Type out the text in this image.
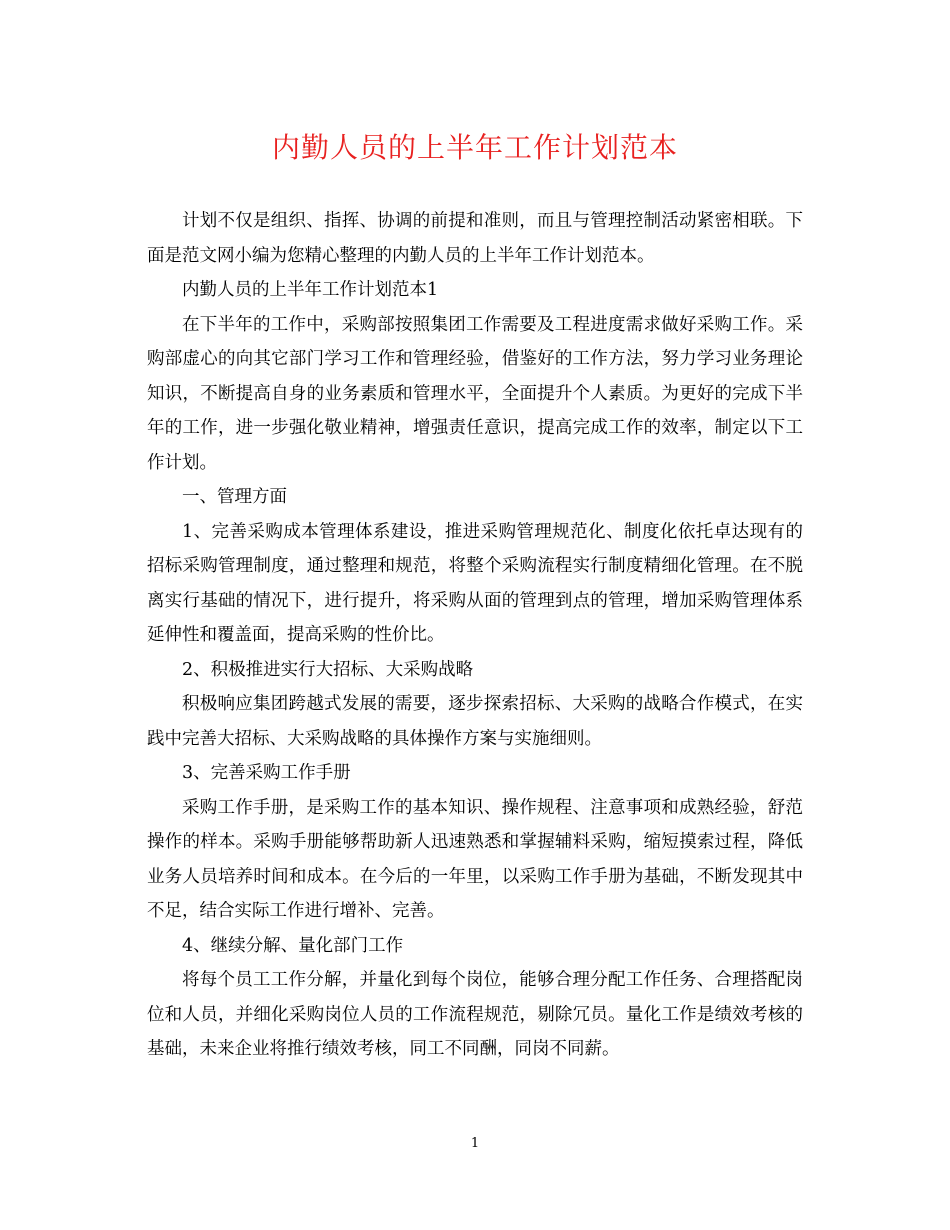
内勤人员的上半年工作计划范本

计划不仅是组织、指挥、协调的前提和准则，而且与管理控制活动紧密相联。下面是范文网小编为您精心整理的内勤人员的上半年工作计划范本。

内勤人员的上半年工作计划范本1

在下半年的工作中，采购部按照集团工作需要及工程进度需求做好采购工作。采购部虚心的向其它部门学习工作和管理经验，借鉴好的工作方法，努力学习业务理论知识，不断提高自身的业务素质和管理水平，全面提升个人素质。为更好的完成下半年的工作，进一步强化敬业精神，增强责任意识，提高完成工作的效率，制定以下工作计划。

一、管理方面

1、完善采购成本管理体系建设，推进采购管理规范化、制度化依托卓达现有的招标采购管理制度，通过整理和规范，将整个采购流程实行制度精细化管理。在不脱离实行基础的情况下，进行提升，将采购从面的管理到点的管理，增加采购管理体系延伸性和覆盖面，提高采购的性价比。

2、积极推进实行大招标、大采购战略

积极响应集团跨越式发展的需要，逐步探索招标、大采购的战略合作模式，在实践中完善大招标、大采购战略的具体操作方案与实施细则。

3、完善采购工作手册

采购工作手册，是采购工作的基本知识、操作规程、注意事项和成熟经验，舒范操作的样本。采购手册能够帮助新人迅速熟悉和掌握辅料采购，缩短摸索过程，降低业务人员培养时间和成本。在今后的一年里，以采购工作手册为基础，不断发现其中不足，结合实际工作进行增补、完善。

4、继续分解、量化部门工作

将每个员工工作分解，并量化到每个岗位，能够合理分配工作任务、合理搭配岗位和人员，并细化采购岗位人员的工作流程规范，剔除冗员。量化工作是绩效考核的基础，未来企业将推行绩效考核，同工不同酬，同岗不同薪。

1
